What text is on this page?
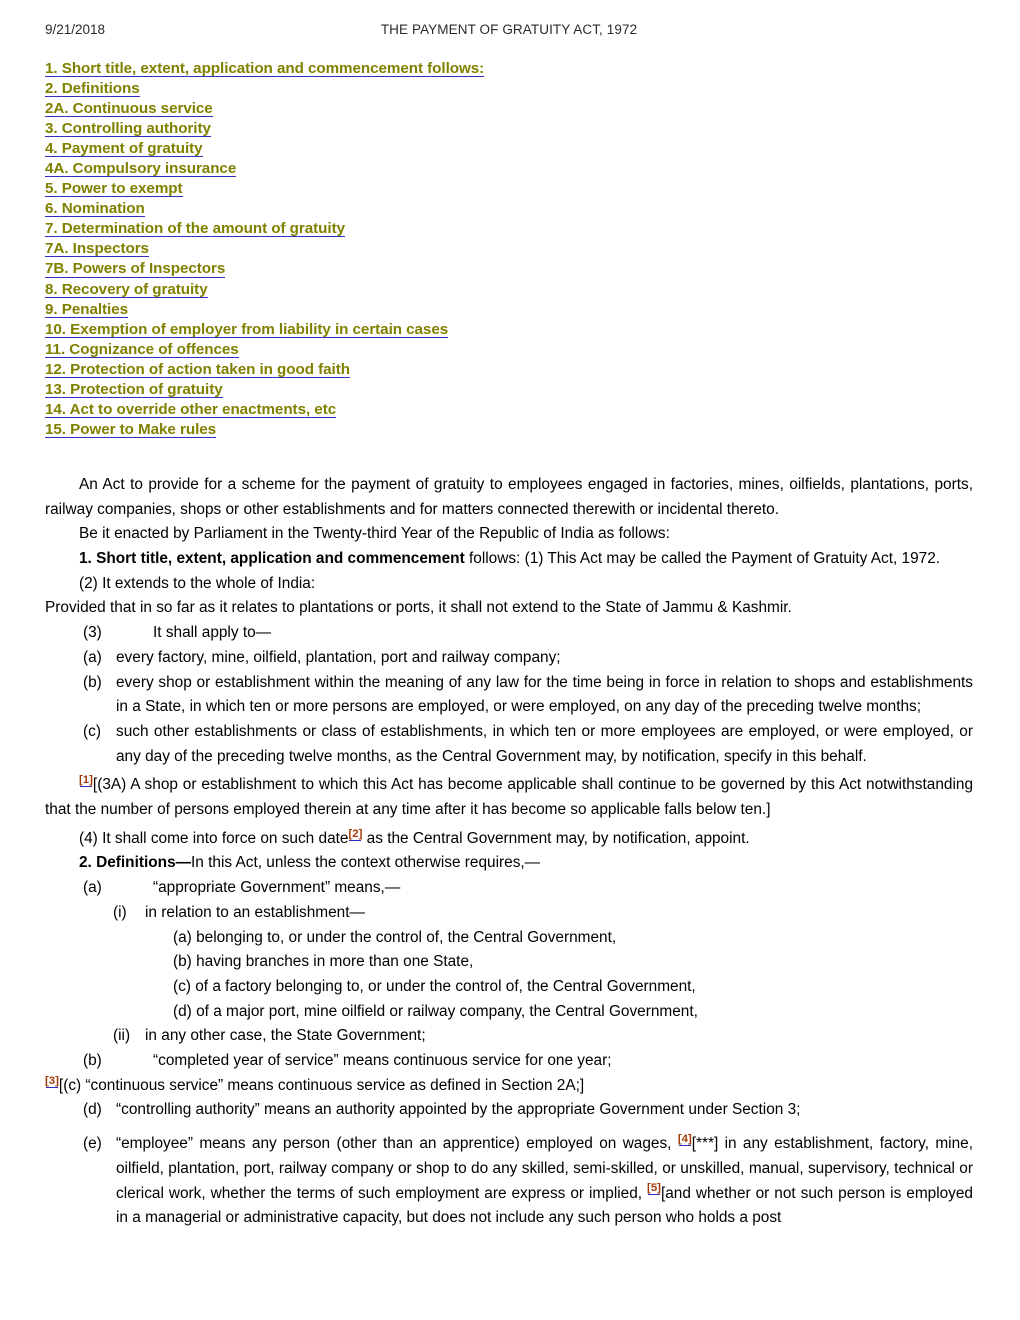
9/21/2018	THE PAYMENT OF GRATUITY ACT, 1972
1. Short title, extent, application and commencement follows:
2. Definitions
2A. Continuous service
3. Controlling authority
4. Payment of gratuity
4A. Compulsory insurance
5. Power to exempt
6. Nomination
7. Determination of the amount of gratuity
7A. Inspectors
7B. Powers of Inspectors
8. Recovery of gratuity
9. Penalties
10. Exemption of employer from liability in certain cases
11. Cognizance of offences
12. Protection of action taken in good faith
13. Protection of gratuity
14. Act to override other enactments, etc
15. Power to Make rules

An Act to provide for a scheme for the payment of gratuity to employees engaged in factories, mines, oilfields, plantations, ports, railway companies, shops or other establishments and for matters connected therewith or incidental thereto.

Be it enacted by Parliament in the Twenty-third Year of the Republic of India as follows:

1. Short title, extent, application and commencement follows: (1) This Act may be called the Payment of Gratuity Act, 1972.

(2) It extends to the whole of India:

Provided that in so far as it relates to plantations or ports, it shall not extend to the State of Jammu & Kashmir.

(3)	It shall apply to—
(a) every factory, mine, oilfield, plantation, port and railway company;
(b) every shop or establishment within the meaning of any law for the time being in force in relation to shops and establishments in a State, in which ten or more persons are employed, or were employed, on any day of the preceding twelve months;
(c) such other establishments or class of establishments, in which ten or more employees are employed, or were employed, or any day of the preceding twelve months, as the Central Government may, by notification, specify in this behalf.

[1][(3A) A shop or establishment to which this Act has become applicable shall continue to be governed by this Act notwithstanding that the number of persons employed therein at any time after it has become so applicable falls below ten.]

(4) It shall come into force on such date[2] as the Central Government may, by notification, appoint.

2. Definitions—In this Act, unless the context otherwise requires,—

(a)	“appropriate Government” means,—
(i)	in relation to an establishment—
(a) belonging to, or under the control of, the Central Government,
(b) having branches in more than one State,
(c) of a factory belonging to, or under the control of, the Central Government,
(d) of a major port, mine oilfield or railway company, the Central Government,
(ii) in any other case, the State Government;
(b)	“completed year of service” means continuous service for one year;

[3][(c) “continuous service” means continuous service as defined in Section 2A;]

(d) “controlling authority” means an authority appointed by the appropriate Government under Section 3;
(e) “employee” means any person (other than an apprentice) employed on wages, [4][***] in any establishment, factory, mine, oilfield, plantation, port, railway company or shop to do any skilled, semi-skilled, or unskilled, manual, supervisory, technical or clerical work, whether the terms of such employment are express or implied, [5][and whether or not such person is employed in a managerial or administrative capacity, but does not include any such person who holds a post
